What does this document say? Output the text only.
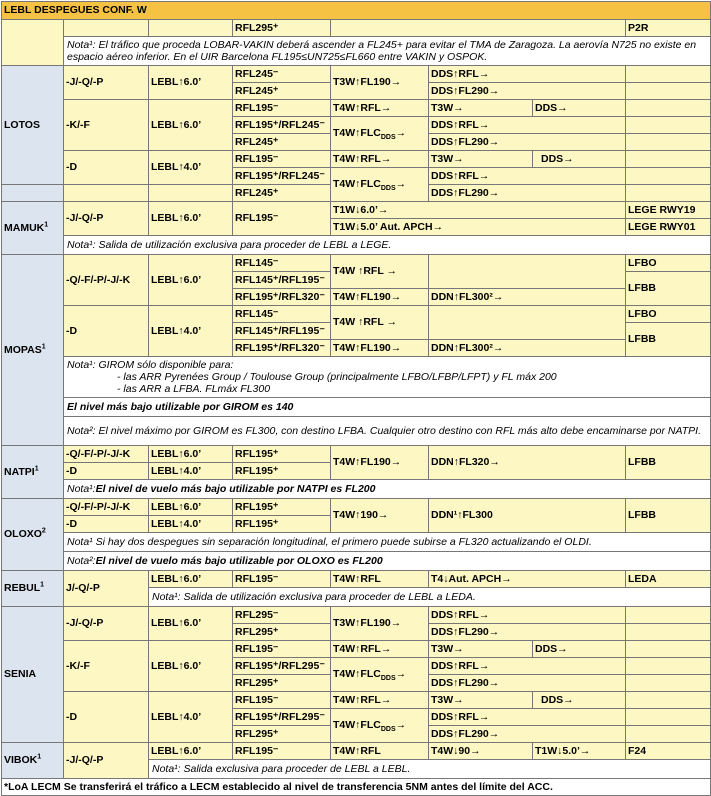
LEBL DESPEGUES CONF. W								
			RFL295⁺				P2R	
	Nota¹: El tráfico que proceda LOBAR-VAKIN deberá ascender a FL245+ para evitar el TMA de Zaragoza. La aerovía N725 no existe en espacio aéreo inferior. En el UIR Barcelona FL195≤UN725≤FL660 entre VAKIN y OSPOK.							
LOTOS	-J/-Q/-P	LEBL↑6.0’	RFL245⁻	T3W↑FL190→	DDS↑RFL→		
			RFL245⁺		DDS↑FL290→		
	-K/-F	LEBL↑6.0’	RFL195⁻	T4W↑RFL→	T3W→	DDS→		
			RFL195⁺/RFL245⁻	$T4W↑FLC_{DDS}\to$	DDS↑RFL→			
			RFL245⁺		DDS↑FL290→		
	-D	LEBL↑4.0’	RFL195⁻	T4W↑RFL→	T3W→	DDS→		
			RFL195⁺/RFL245⁻	$T4W↑FLC_{DDS}\to$	DDS↑RFL→			
			RFL245⁺		DDS↑FL290→		
MAMUK$^1$	-J/-Q/-P	LEBL↑6.0’	RFL195⁻	T1W↓6.0’→			LEGE RWY19	
				T1W↓5.0’ Aut. APCH→			LEGE RWY01	
	Nota¹: Salida de utilización exclusiva para proceder de LEBL a LEGE.							
MOPAS$^1$	-Q/-F/-P/-J/-K	LEBL↑6.0’	RFL145⁻	T4W ↑RFL →			LFBO	
			RFL145⁺/RFL195⁻				LFBB	
			RFL195⁺/RFL320⁻	T4W↑FL190→	DDN↑FL300²→			
	-D	LEBL↑4.0’	RFL145⁻	T4W ↑RFL →			LFBO	
			RFL145⁺/RFL195⁻				LFBB	
			RFL195⁺/RFL320⁻	T4W↑FL190→	DDN↑FL300²→			
	Nota¹: GIROM sólo disponible para:
- las ARR Pyrenées Group / Toulouse Group (principalmente LFBO/LFBP/LFPT) y FL máx 200
- las ARR a LFBA. FLmáx FL300							

	El nivel más bajo utilizable por GIROM es 140							
	Nota²: El nivel máximo por GIROM es FL300, con destino LFBA. Cualquier otro destino con RFL más alto debe encaminarse por NATPI.							
NATPI$^1$	-Q/-F/-P/-J/-K	LEBL↑6.0’	RFL195⁺	T4W↑FL190→	DDN↑FL320→		LFBB	
	-D	LEBL↑4.0’	RFL195⁺					
	Nota¹:El nivel de vuelo más bajo utilizable por NATPI es FL200							
OLOXO$^2$	-Q/-F/-P/-J/-K	LEBL↑6.0’	RFL195⁺	T4W↑190→	DDN¹↑FL300		LFBB	
	-D	LEBL↑4.0’	RFL195⁺					
	Nota¹ Si hay dos despegues sin separación longitudinal, el primero puede subirse a FL320 actualizando el OLDI.							
	Nota²:El nivel de vuelo más bajo utilizable por OLOXO es FL200							
REBUL$^1$	J/-Q/-P	LEBL↑6.0’	RFL195⁻	T4W↑RFL	T4↓Aut. APCH→		LEDA	
		Nota¹: Salida de utilización exclusiva para proceder de LEBL a LEDA.						
SENIA	-J/-Q/-P	LEBL↑6.0’	RFL295⁻	T3W↑FL190→	DDS↑RFL→		
			RFL295⁺		DDS↑FL290→		
	-K/-F	LEBL↑6.0’	RFL195⁻	T4W↑RFL→	T3W→	DDS→		
			RFL195⁺/RFL295⁻	$T4W↑FLC_{DDS}\to$	DDS↑RFL→			
			RFL295⁺		DDS↑FL290→		
	-D	LEBL↑4.0’	RFL195⁻	T4W↑RFL→	T3W→	DDS→		
			RFL195⁺/RFL295⁻	$T4W↑FLC_{DDS}\to$	DDS↑RFL→			
			RFL295⁺		DDS↑FL290→		
VIBOK$^1$	-J/-Q/-P	LEBL↑6.0’	RFL195⁻	T4W↑RFL	T4W↓90→	T1W↓5.0’→	F24	
		Nota¹: Salida exclusiva para proceder de LEBL a LEBL.						
*LoA LECM Se transferirá el tráfico a LECM establecido al nivel de transferencia 5NM antes del límite del ACC.								
